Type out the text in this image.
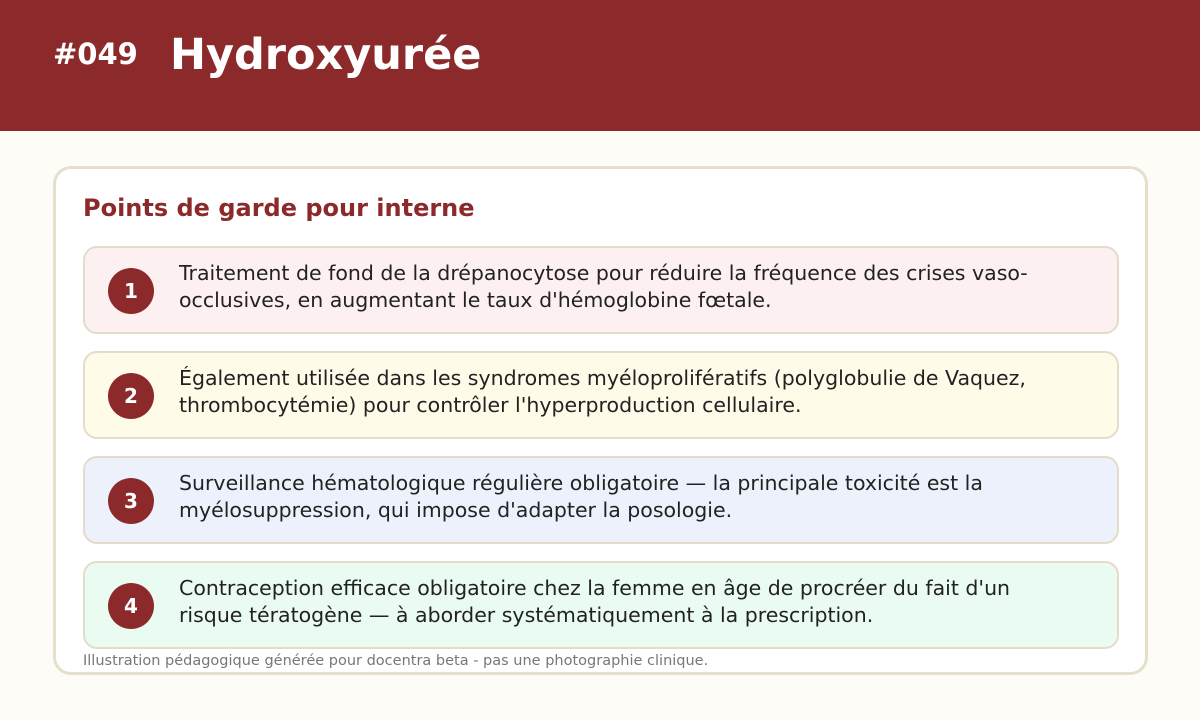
#049 Hydroxyurée
Points de garde pour interne
1
Traitement de fond de la drépanocytose pour réduire la fréquence des crises vaso-occlusives, en augmentant le taux d'hémoglobine fœtale.
2
Également utilisée dans les syndromes myéloprolifératifs (polyglobulie de Vaquez, thrombocytémie) pour contrôler l'hyperproduction cellulaire.
3
Surveillance hématologique régulière obligatoire — la principale toxicité est la myélosuppression, qui impose d'adapter la posologie.
4
Contraception efficace obligatoire chez la femme en âge de procréer du fait d'un risque tératogène — à aborder systématiquement à la prescription.
Illustration pédagogique générée pour docentra beta - pas une photographie clinique.
